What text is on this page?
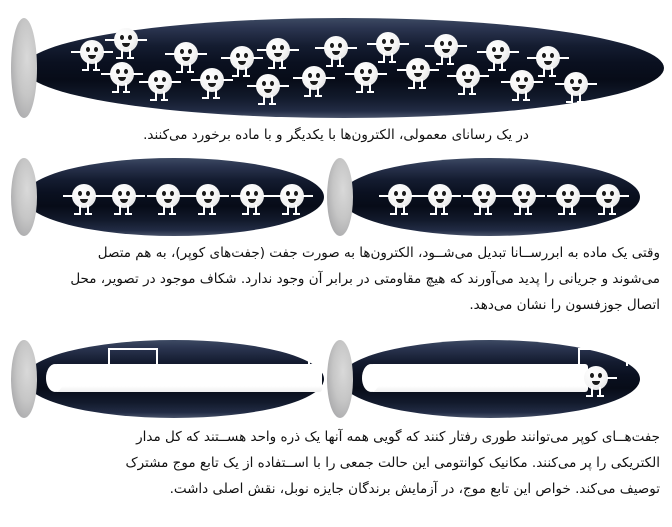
در یک رسانای معمولی، الکترون‌ها با یکدیگر و با ماده برخورد می‌کنند.
وقتی یک ماده به ابررســانا تبدیل می‌شــود، الکترون‌ها به صورت جفت (جفت‌های کوپر)، به هم متصل
می‌شوند و جریانی را پدید می‌آورند که هیچ مقاومتی در برابر آن وجود ندارد. شکاف موجود در تصویر، محل
اتصال جوزفسون را نشان می‌دهد.
جفت‌هــای کوپر می‌توانند طوری رفتار کنند که گویی همه آنها یک ذره واحد هســتند که کل مدار
الکتریکی را پر می‌کنند. مکانیک کوانتومی این حالت جمعی را با اســتفاده از یک تابع موج مشترک
توصیف می‌کند. خواص این تابع موج، در آزمایش برندگان جایزه نوبل، نقش اصلی داشت.
